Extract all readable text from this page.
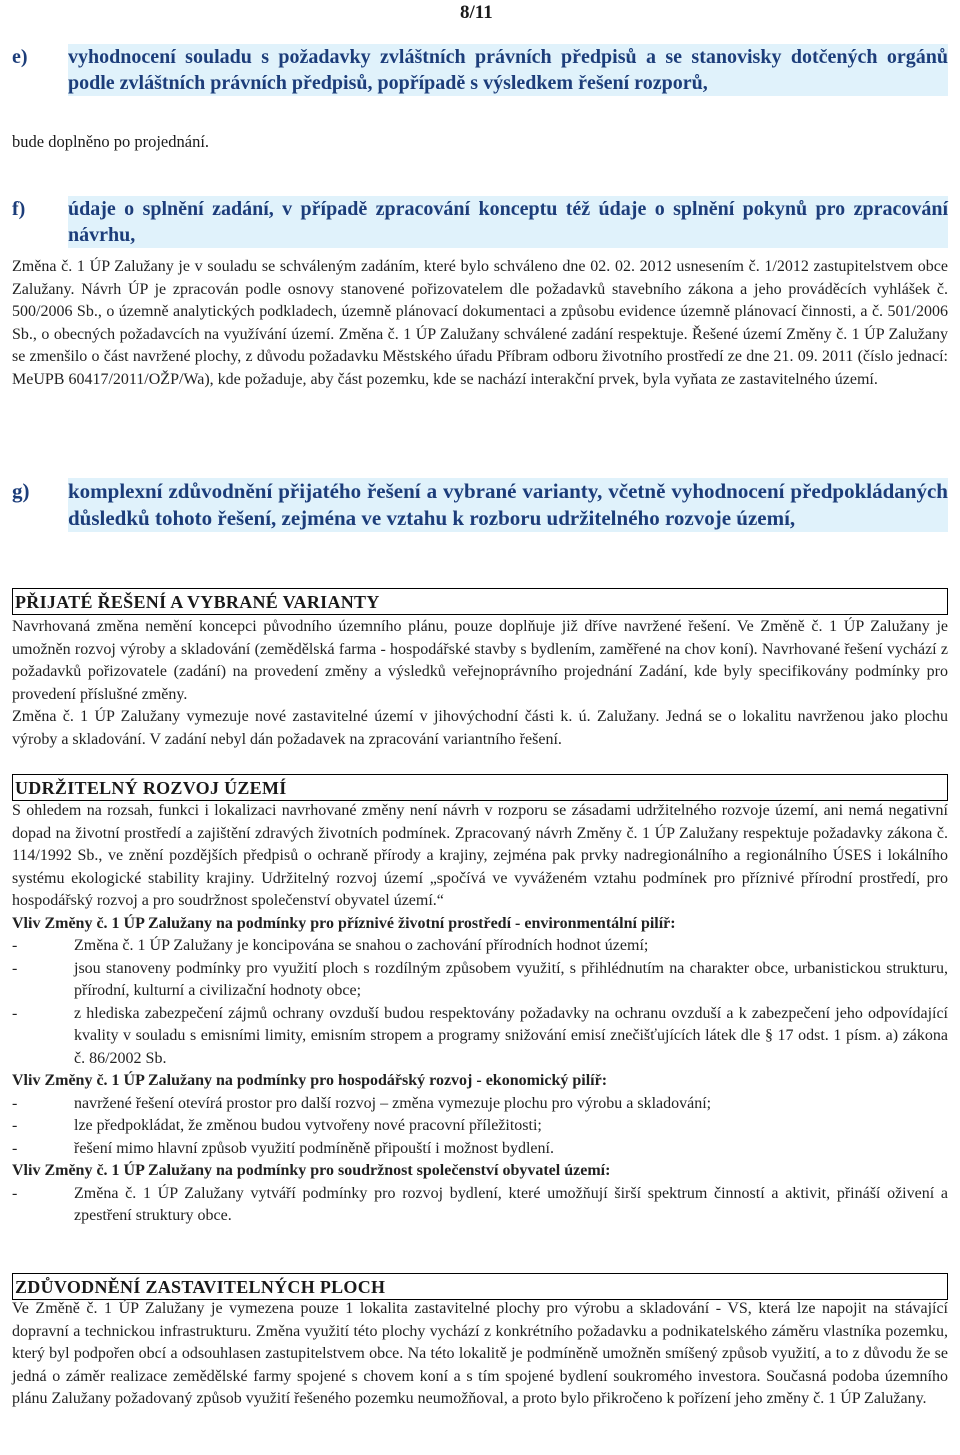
8/11
e) vyhodnocení souladu s požadavky zvláštních právních předpisů a se stanovisky dotčených orgánů podle zvláštních právních předpisů, popřípadě s výsledkem řešení rozporů,
bude doplněno po projednání.
f) údaje o splnění zadání, v případě zpracování konceptu též údaje o splnění pokynů pro zpracování návrhu,

Změna č. 1 ÚP Zalužany je v souladu se schváleným zadáním, které bylo schváleno dne 02. 02. 2012 usnesením č. 1/2012 zastupitelstvem obce Zalužany. Návrh ÚP je zpracován podle osnovy stanovené pořizovatelem dle požadavků stavebního zákona a jeho prováděcích vyhlášek č. 500/2006 Sb., o územně analytických podkladech, územně plánovací dokumentaci a způsobu evidence územně plánovací činnosti, a č. 501/2006 Sb., o obecných požadavcích na využívání území. Změna č. 1 ÚP Zalužany schválené zadání respektuje. Řešené území Změny č. 1 ÚP Zalužany se zmenšilo o část navržené plochy, z důvodu požadavku Městského úřadu Příbram odboru životního prostředí ze dne 21. 09. 2011 (číslo jednací: MeUPB 60417/2011/OŽP/Wa), kde požaduje, aby část pozemku, kde se nachází interakční prvek, byla vyňata ze zastavitelného území.

g) komplexní zdůvodnění přijatého řešení a vybrané varianty, včetně vyhodnocení předpokládaných důsledků tohoto řešení, zejména ve vztahu k rozboru udržitelného rozvoje území,
PŘIJATÉ ŘEŠENÍ A VYBRANÉ VARIANTY

Navrhovaná změna nemění koncepci původního územního plánu, pouze doplňuje již dříve navržené řešení. Ve Změně č. 1 ÚP Zalužany je umožněn rozvoj výroby a skladování (zemědělská farma - hospodářské stavby s bydlením, zaměřené na chov koní). Navrhované řešení vychází z požadavků pořizovatele (zadání) na provedení změny a výsledků veřejnoprávního projednání Zadání, kde byly specifikovány podmínky pro provedení příslušné změny.

Změna č. 1 ÚP Zalužany vymezuje nové zastavitelné území v jihovýchodní části k. ú. Zalužany. Jedná se o lokalitu navrženou jako plochu výroby a skladování. V zadání nebyl dán požadavek na zpracování variantního řešení.

UDRŽITELNÝ ROZVOJ ÚZEMÍ

S ohledem na rozsah, funkci i lokalizaci navrhované změny není návrh v rozporu se zásadami udržitelného rozvoje území, ani nemá negativní dopad na životní prostředí a zajištění zdravých životních podmínek. Zpracovaný návrh Změny č. 1 ÚP Zalužany respektuje požadavky zákona č. 114/1992 Sb., ve znění pozdějších předpisů o ochraně přírody a krajiny, zejména pak prvky nadregionálního a regionálního ÚSES i lokálního systému ekologické stability krajiny. Udržitelný rozvoj území „spočívá ve vyváženém vztahu podmínek pro příznivé přírodní prostředí, pro hospodářský rozvoj a pro soudržnost společenství obyvatel území.“

Vliv Změny č. 1 ÚP Zalužany na podmínky pro příznivé životní prostředí - environmentální pilíř:

-	Změna č. 1 ÚP Zalužany je koncipována se snahou o zachování přírodních hodnot území;
-	jsou stanoveny podmínky pro využití ploch s rozdílným způsobem využití, s přihlédnutím na charakter obce, urbanistickou strukturu, přírodní, kulturní a civilizační hodnoty obce;
-	z hlediska zabezpečení zájmů ochrany ovzduší budou respektovány požadavky na ochranu ovzduší a k zabezpečení jeho odpovídající kvality v souladu s emisními limity, emisním stropem a programy snižování emisí znečišťujících látek dle § 17 odst. 1 písm. a) zákona č. 86/2002 Sb.

Vliv Změny č. 1 ÚP Zalužany na podmínky pro hospodářský rozvoj - ekonomický pilíř:

-	navržené řešení otevírá prostor pro další rozvoj – změna vymezuje plochu pro výrobu a skladování;
-	lze předpokládat, že změnou budou vytvořeny nové pracovní příležitosti;
-	řešení mimo hlavní způsob využití podmíněně připouští i možnost bydlení.

Vliv Změny č. 1 ÚP Zalužany na podmínky pro soudržnost společenství obyvatel území:

-	Změna č. 1 ÚP Zalužany vytváří podmínky pro rozvoj bydlení, které umožňují širší spektrum činností a aktivit, přináší oživení a zpestření struktury obce.
ZDŮVODNĚNÍ ZASTAVITELNÝCH PLOCH

Ve Změně č. 1 ÚP Zalužany je vymezena pouze 1 lokalita zastavitelné plochy pro výrobu a skladování - VS, která lze napojit na stávající dopravní a technickou infrastrukturu. Změna využití této plochy vychází z konkrétního požadavku a podnikatelského záměru vlastníka pozemku, který byl podpořen obcí a odsouhlasen zastupitelstvem obce. Na této lokalitě je podmíněně umožněn smíšený způsob využití, a to z důvodu že se jedná o záměr realizace zemědělské farmy spojené s chovem koní a s tím spojené bydlení soukromého investora. Současná podoba územního plánu Zalužany požadovaný způsob využití řešeného pozemku neumožňoval, a proto bylo přikročeno k pořízení jeho změny č. 1 ÚP Zalužany.
